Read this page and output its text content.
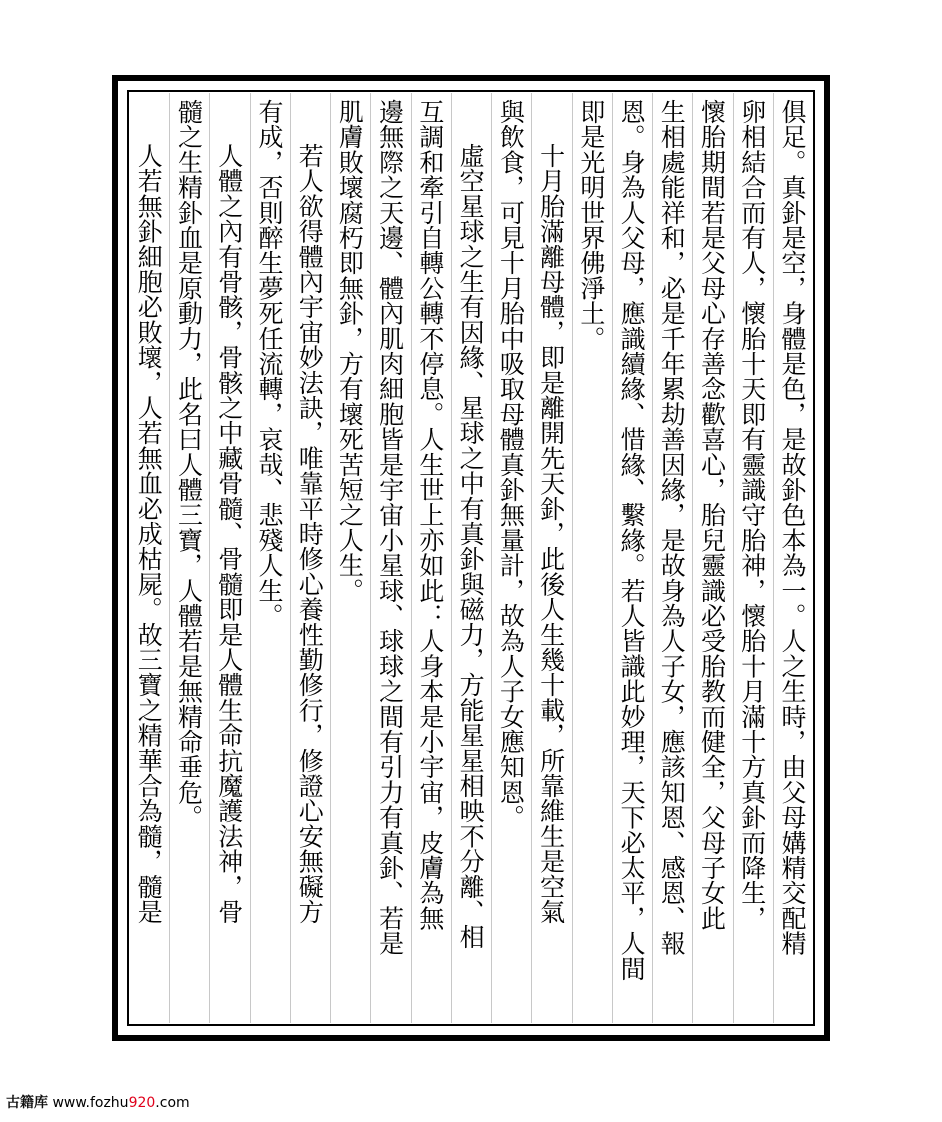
俱足。真釙是空，身體是色，是故釙色本為一。人之生時，由父母媾精交配精
卵相結合而有人，懷胎十天即有靈識守胎神，懷胎十月滿十方真釙而降生，
懷胎期間若是父母心存善念歡喜心，胎兒靈識必受胎教而健全，父母子女此
生相處能祥和，必是千年累劫善因緣，是故身為人子女，應該知恩、感恩、報
恩。身為人父母，應識續緣、惜緣、繫緣。若人皆識此妙理，天下必太平，人間
即是光明世界佛淨土。
十月胎滿離母體，即是離開先天釙，此後人生幾十載，所靠維生是空氣
與飲食，可見十月胎中吸取母體真釙無量計，故為人子女應知恩。
虛空星球之生有因緣、星球之中有真釙與磁力，方能星星相映不分離、相
互調和牽引自轉公轉不停息。人生世上亦如此：人身本是小宇宙，皮膚為無
邊無際之天邊、體內肌肉細胞皆是宇宙小星球、球球之間有引力有真釙、若是
肌膚敗壞腐朽即無釙，方有壞死苦短之人生。
若人欲得體內宇宙妙法訣，唯靠平時修心養性勤修行，修證心安無礙方
有成，否則醉生夢死任流轉，哀哉、悲殘人生。
人體之內有骨骸，骨骸之中藏骨髓、骨髓即是人體生命抗魔護法神，骨
髓之生精釙血是原動力，此名曰人體三寶，人體若是無精命垂危。
人若無釙細胞必敗壞，人若無血必成枯屍。故三寶之精華合為髓，髓是
古籍库 www.fozhu920.com
